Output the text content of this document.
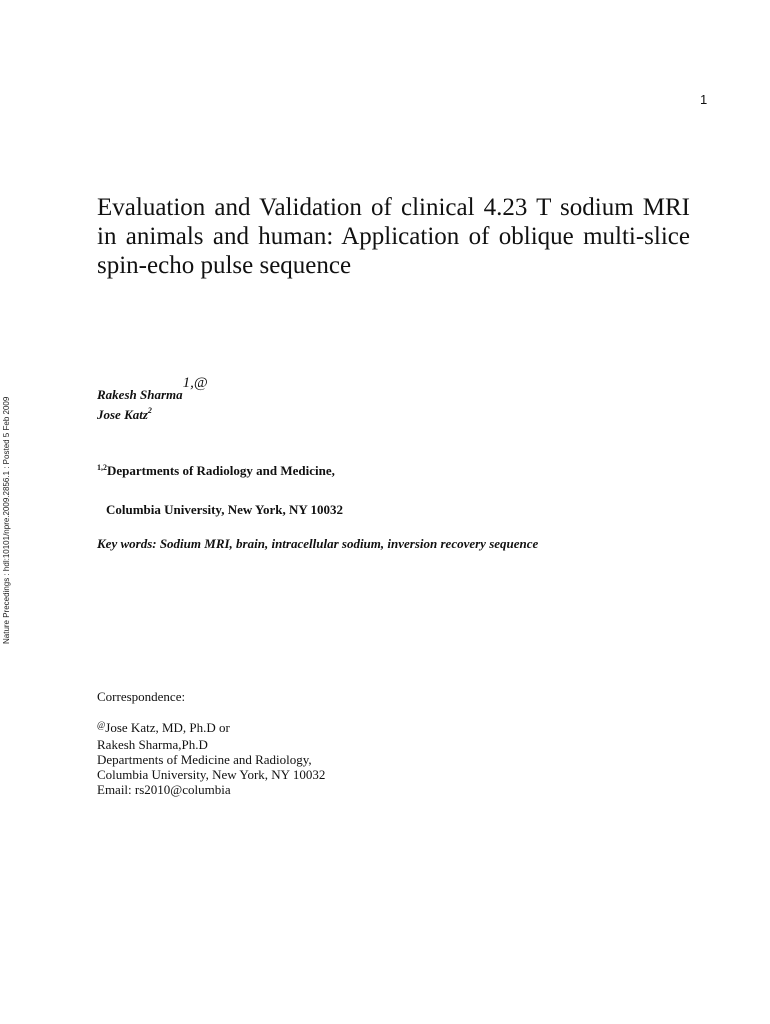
1
Nature Precedings : hdl:10101/npre.2009.2856.1 : Posted 5 Feb 2009
Evaluation and Validation of clinical 4.23 T sodium MRI in animals and human: Application of oblique multi-slice spin-echo pulse sequence
Rakesh Sharma1,@
Jose Katz$^2$
$^{1,2}$Departments of Radiology and Medicine,
Columbia University, New York, NY 10032
Key words: Sodium MRI, brain, intracellular sodium, inversion recovery sequence
Correspondence:
@Jose Katz, MD, Ph.D or
Rakesh Sharma,Ph.D
Departments of Medicine and Radiology,
Columbia University, New York, NY 10032
Email: rs2010@columbia
